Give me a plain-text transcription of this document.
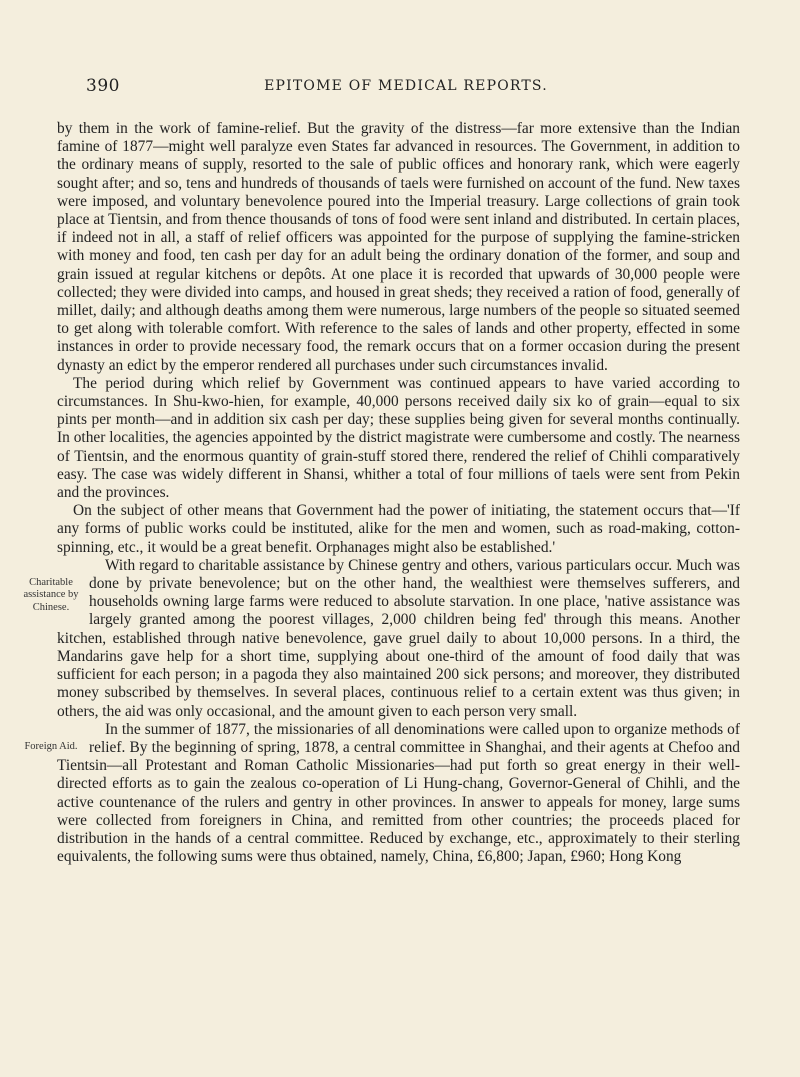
390	EPITOME OF MEDICAL REPORTS.

by them in the work of famine-relief. But the gravity of the distress—far more extensive than the Indian famine of 1877—might well paralyze even States far advanced in resources. The Government, in addition to the ordinary means of supply, resorted to the sale of public offices and honorary rank, which were eagerly sought after; and so, tens and hundreds of thousands of taels were furnished on account of the fund. New taxes were imposed, and voluntary benevolence poured into the Imperial treasury. Large collections of grain took place at Tientsin, and from thence thousands of tons of food were sent inland and distributed. In certain places, if indeed not in all, a staff of relief officers was appointed for the purpose of supplying the famine-stricken with money and food, ten cash per day for an adult being the ordinary donation of the former, and soup and grain issued at regular kitchens or depôts. At one place it is recorded that upwards of 30,000 people were collected; they were divided into camps, and housed in great sheds; they received a ration of food, generally of millet, daily; and although deaths among them were numerous, large numbers of the people so situated seemed to get along with tolerable comfort. With reference to the sales of lands and other property, effected in some instances in order to provide necessary food, the remark occurs that on a former occasion during the present dynasty an edict by the emperor rendered all purchases under such circumstances invalid.

The period during which relief by Government was continued appears to have varied according to circumstances. In Shu-kwo-hien, for example, 40,000 persons received daily six ko of grain—equal to six pints per month—and in addition six cash per day; these supplies being given for several months continually. In other localities, the agencies appointed by the district magistrate were cumbersome and costly. The nearness of Tientsin, and the enormous quantity of grain-stuff stored there, rendered the relief of Chihli comparatively easy. The case was widely different in Shansi, whither a total of four millions of taels were sent from Pekin and the provinces.

On the subject of other means that Government had the power of initiating, the statement occurs that—'If any forms of public works could be instituted, alike for the men and women, such as road-making, cotton-spinning, etc., it would be a great benefit. Orphanages might also be established.'

Charitable assistance by Chinese.

With regard to charitable assistance by Chinese gentry and others, various particulars occur. Much was done by private benevolence; but on the other hand, the wealthiest were themselves sufferers, and households owning large farms were reduced to absolute starvation. In one place, 'native assistance was largely granted among the poorest villages, 2,000 children being fed' through this means. Another kitchen, established through native benevolence, gave gruel daily to about 10,000 persons. In a third, the Mandarins gave help for a short time, supplying about one-third of the amount of food daily that was sufficient for each person; in a pagoda they also maintained 200 sick persons; and moreover, they distributed money subscribed by themselves. In several places, continuous relief to a certain extent was thus given; in others, the aid was only occasional, and the amount given to each person very small.

Foreign Aid.

In the summer of 1877, the missionaries of all denominations were called upon to organize methods of relief. By the beginning of spring, 1878, a central committee in Shanghai, and their agents at Chefoo and Tientsin—all Protestant and Roman Catholic Missionaries—had put forth so great energy in their well-directed efforts as to gain the zealous co-operation of Li Hung-chang, Governor-General of Chihli, and the active countenance of the rulers and gentry in other provinces. In answer to appeals for money, large sums were collected from foreigners in China, and remitted from other countries; the proceeds placed for distribution in the hands of a central committee. Reduced by exchange, etc., approximately to their sterling equivalents, the following sums were thus obtained, namely, China, £6,800; Japan, £960; Hong Kong
